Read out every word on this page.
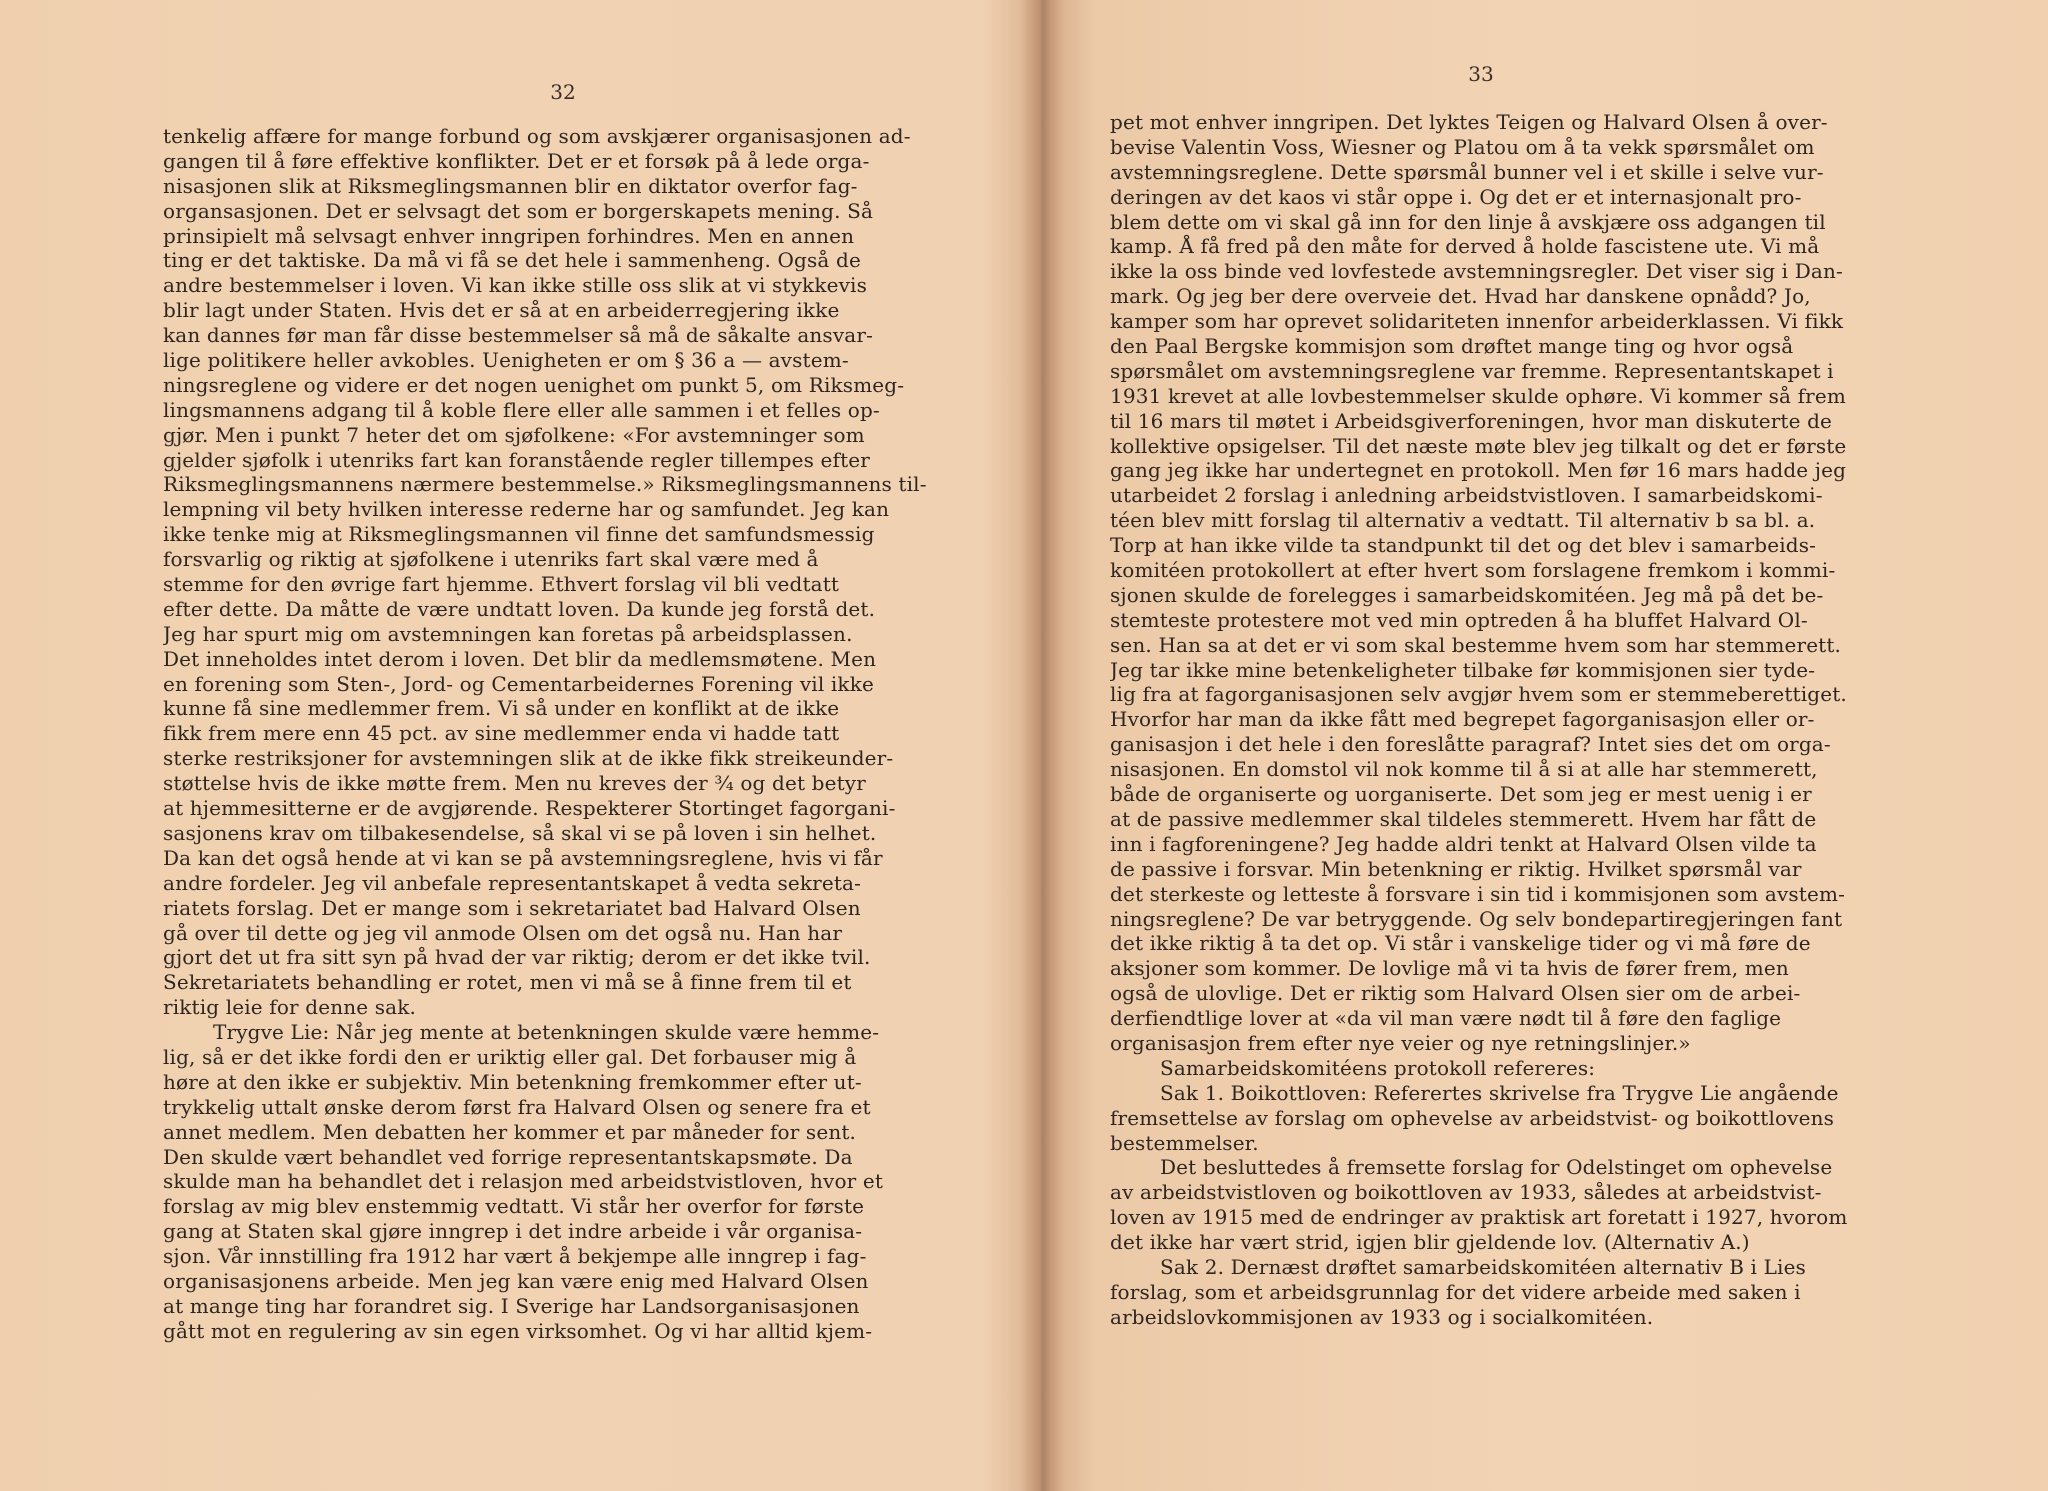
32
tenkelig affære for mange forbund og som avskjærer organisasjonen ad-
gangen til å føre effektive konflikter. Det er et forsøk på å lede orga-
nisasjonen slik at Riksmeglingsmannen blir en diktator overfor fag-
organsasjonen. Det er selvsagt det som er borgerskapets mening. Så
prinsipielt må selvsagt enhver inngripen forhindres. Men en annen
ting er det taktiske. Da må vi få se det hele i sammenheng. Også de
andre bestemmelser i loven. Vi kan ikke stille oss slik at vi stykkevis
blir lagt under Staten. Hvis det er så at en arbeiderregjering ikke
kan dannes før man får disse bestemmelser så må de såkalte ansvar-
lige politikere heller avkobles. Uenigheten er om § 36 a — avstem-
ningsreglene og videre er det nogen uenighet om punkt 5, om Riksmeg-
lingsmannens adgang til å koble flere eller alle sammen i et felles op-
gjør. Men i punkt 7 heter det om sjøfolkene: «For avstemninger som
gjelder sjøfolk i utenriks fart kan foranstående regler tillempes efter
Riksmeglingsmannens nærmere bestemmelse.» Riksmeglingsmannens til-
lempning vil bety hvilken interesse rederne har og samfundet. Jeg kan
ikke tenke mig at Riksmeglingsmannen vil finne det samfundsmessig
forsvarlig og riktig at sjøfolkene i utenriks fart skal være med å
stemme for den øvrige fart hjemme. Ethvert forslag vil bli vedtatt
efter dette. Da måtte de være undtatt loven. Da kunde jeg forstå det.
Jeg har spurt mig om avstemningen kan foretas på arbeidsplassen.
Det inneholdes intet derom i loven. Det blir da medlemsmøtene. Men
en forening som Sten-, Jord- og Cementarbeidernes Forening vil ikke
kunne få sine medlemmer frem. Vi så under en konflikt at de ikke
fikk frem mere enn 45 pct. av sine medlemmer enda vi hadde tatt
sterke restriksjoner for avstemningen slik at de ikke fikk streikeunder-
støttelse hvis de ikke møtte frem. Men nu kreves der ¾ og det betyr
at hjemmesitterne er de avgjørende. Respekterer Stortinget fagorgani-
sasjonens krav om tilbakesendelse, så skal vi se på loven i sin helhet.
Da kan det også hende at vi kan se på avstemningsreglene, hvis vi får
andre fordeler. Jeg vil anbefale representantskapet å vedta sekreta-
riatets forslag. Det er mange som i sekretariatet bad Halvard Olsen
gå over til dette og jeg vil anmode Olsen om det også nu. Han har
gjort det ut fra sitt syn på hvad der var riktig; derom er det ikke tvil.
Sekretariatets behandling er rotet, men vi må se å finne frem til et
riktig leie for denne sak.
Trygve Lie: Når jeg mente at betenkningen skulde være hemme-
lig, så er det ikke fordi den er uriktig eller gal. Det forbauser mig å
høre at den ikke er subjektiv. Min betenkning fremkommer efter ut-
trykkelig uttalt ønske derom først fra Halvard Olsen og senere fra et
annet medlem. Men debatten her kommer et par måneder for sent.
Den skulde vært behandlet ved forrige representantskapsmøte. Da
skulde man ha behandlet det i relasjon med arbeidstvistloven, hvor et
forslag av mig blev enstemmig vedtatt. Vi står her overfor for første
gang at Staten skal gjøre inngrep i det indre arbeide i vår organisa-
sjon. Vår innstilling fra 1912 har vært å bekjempe alle inngrep i fag-
organisasjonens arbeide. Men jeg kan være enig med Halvard Olsen
at mange ting har forandret sig. I Sverige har Landsorganisasjonen
gått mot en regulering av sin egen virksomhet. Og vi har alltid kjem-
33
pet mot enhver inngripen. Det lyktes Teigen og Halvard Olsen å over-
bevise Valentin Voss, Wiesner og Platou om å ta vekk spørsmålet om
avstemningsreglene. Dette spørsmål bunner vel i et skille i selve vur-
deringen av det kaos vi står oppe i. Og det er et internasjonalt pro-
blem dette om vi skal gå inn for den linje å avskjære oss adgangen til
kamp. Å få fred på den måte for derved å holde fascistene ute. Vi må
ikke la oss binde ved lovfestede avstemningsregler. Det viser sig i Dan-
mark. Og jeg ber dere overveie det. Hvad har danskene opnådd? Jo,
kamper som har oprevet solidariteten innenfor arbeiderklassen. Vi fikk
den Paal Bergske kommisjon som drøftet mange ting og hvor også
spørsmålet om avstemningsreglene var fremme. Representantskapet i
1931 krevet at alle lovbestemmelser skulde ophøre. Vi kommer så frem
til 16 mars til møtet i Arbeidsgiverforeningen, hvor man diskuterte de
kollektive opsigelser. Til det næste møte blev jeg tilkalt og det er første
gang jeg ikke har undertegnet en protokoll. Men før 16 mars hadde jeg
utarbeidet 2 forslag i anledning arbeidstvistloven. I samarbeidskomi-
téen blev mitt forslag til alternativ a vedtatt. Til alternativ b sa bl. a.
Torp at han ikke vilde ta standpunkt til det og det blev i samarbeids-
komitéen protokollert at efter hvert som forslagene fremkom i kommi-
sjonen skulde de forelegges i samarbeidskomitéen. Jeg må på det be-
stemteste protestere mot ved min optreden å ha bluffet Halvard Ol-
sen. Han sa at det er vi som skal bestemme hvem som har stemmerett.
Jeg tar ikke mine betenkeligheter tilbake før kommisjonen sier tyde-
lig fra at fagorganisasjonen selv avgjør hvem som er stemmeberettiget.
Hvorfor har man da ikke fått med begrepet fagorganisasjon eller or-
ganisasjon i det hele i den foreslåtte paragraf? Intet sies det om orga-
nisasjonen. En domstol vil nok komme til å si at alle har stemmerett,
både de organiserte og uorganiserte. Det som jeg er mest uenig i er
at de passive medlemmer skal tildeles stemmerett. Hvem har fått de
inn i fagforeningene? Jeg hadde aldri tenkt at Halvard Olsen vilde ta
de passive i forsvar. Min betenkning er riktig. Hvilket spørsmål var
det sterkeste og letteste å forsvare i sin tid i kommisjonen som avstem-
ningsreglene? De var betryggende. Og selv bondepartiregjeringen fant
det ikke riktig å ta det op. Vi står i vanskelige tider og vi må føre de
aksjoner som kommer. De lovlige må vi ta hvis de fører frem, men
også de ulovlige. Det er riktig som Halvard Olsen sier om de arbei-
derfiendtlige lover at «da vil man være nødt til å føre den faglige
organisasjon frem efter nye veier og nye retningslinjer.»
Samarbeidskomitéens protokoll refereres:
Sak 1. Boikottloven: Referertes skrivelse fra Trygve Lie angående
fremsettelse av forslag om ophevelse av arbeidstvist- og boikottlovens
bestemmelser.
Det besluttedes å fremsette forslag for Odelstinget om ophevelse
av arbeidstvistloven og boikottloven av 1933, således at arbeidstvist-
loven av 1915 med de endringer av praktisk art foretatt i 1927, hvorom
det ikke har vært strid, igjen blir gjeldende lov. (Alternativ A.)
Sak 2. Dernæst drøftet samarbeidskomitéen alternativ B i Lies
forslag, som et arbeidsgrunnlag for det videre arbeide med saken i
arbeidslovkommisjonen av 1933 og i socialkomitéen.
